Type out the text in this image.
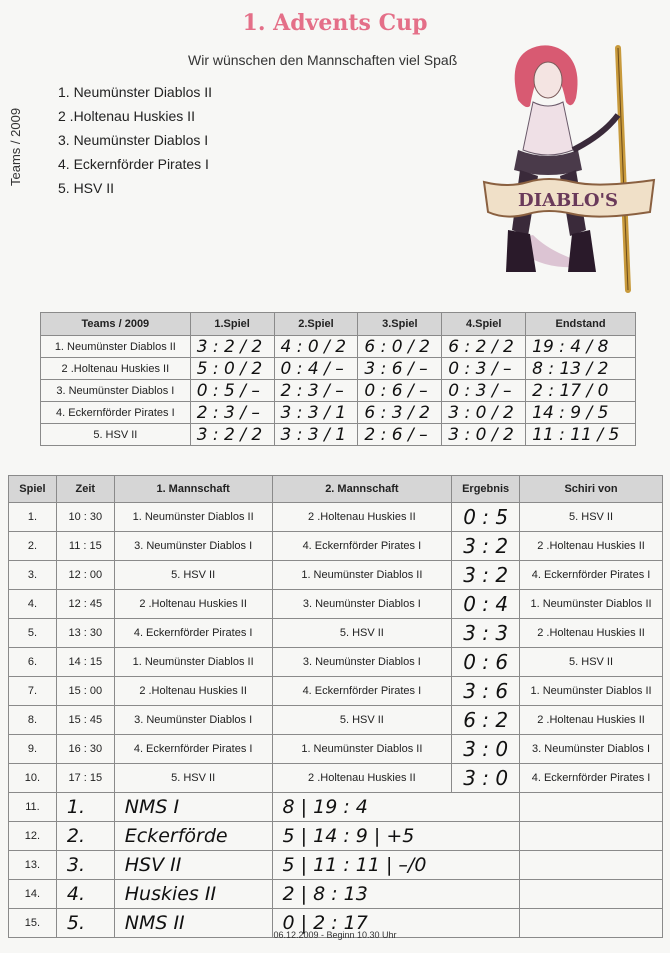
1. Advents Cup
Wir wünschen den Mannschaften viel Spaß
Teams / 2009
1. Neumünster Diablos II
2 .Holtenau Huskies II
3. Neumünster Diablos I
4. Eckernförder Pirates I
5. HSV II
DIABLO'S
Teams / 2009	1.Spiel	2.Spiel	3.Spiel	4.Spiel	Endstand
1. Neumünster Diablos II	3 : 2 / 2	4 : 0 / 2	6 : 0 / 2	6 : 2 / 2	19 : 4 / 8
2 .Holtenau Huskies II	5 : 0 / 2	0 : 4 / –	3 : 6 / –	0 : 3 / –	8 : 13 / 2
3. Neumünster Diablos I	0 : 5 / –	2 : 3 / –	0 : 6 / –	0 : 3 / –	2 : 17 / 0
4. Eckernförder Pirates I	2 : 3 / –	3 : 3 / 1	6 : 3 / 2	3 : 0 / 2	14 : 9 / 5
5. HSV II	3 : 2 / 2	3 : 3 / 1	2 : 6 / –	3 : 0 / 2	11 : 11 / 5
Spiel	Zeit	1. Mannschaft	2. Mannschaft	Ergebnis	Schiri von
1.	10 : 30	1. Neumünster Diablos II	2 .Holtenau Huskies II	0 : 5	5. HSV II
2.	11 : 15	3. Neumünster Diablos I	4. Eckernförder Pirates I	3 : 2	2 .Holtenau Huskies II
3.	12 : 00	5. HSV II	1. Neumünster Diablos II	3 : 2	4. Eckernförder Pirates I
4.	12 : 45	2 .Holtenau Huskies II	3. Neumünster Diablos I	0 : 4	1. Neumünster Diablos II
5.	13 : 30	4. Eckernförder Pirates I	5. HSV II	3 : 3	2 .Holtenau Huskies II
6.	14 : 15	1. Neumünster Diablos II	3. Neumünster Diablos I	0 : 6	5. HSV II
7.	15 : 00	2 .Holtenau Huskies II	4. Eckernförder Pirates I	3 : 6	1. Neumünster Diablos II
8.	15 : 45	3. Neumünster Diablos I	5. HSV II	6 : 2	2 .Holtenau Huskies II
9.	16 : 30	4. Eckernförder Pirates I	1. Neumünster Diablos II	3 : 0	3. Neumünster Diablos I
10.	17 : 15	5. HSV II	2 .Holtenau Huskies II	3 : 0	4. Eckernförder Pirates I
11.	1.	NMS I	8 | 19 : 4		
12.	2.	Eckerförde	5 | 14 : 9 | +5		
13.	3.	HSV II	5 | 11 : 11 | –/0		
14.	4.	Huskies II	2 | 8 : 13		
15.	5.	NMS II	0 | 2 : 17		
06.12.2009 - Beginn 10.30 Uhr
